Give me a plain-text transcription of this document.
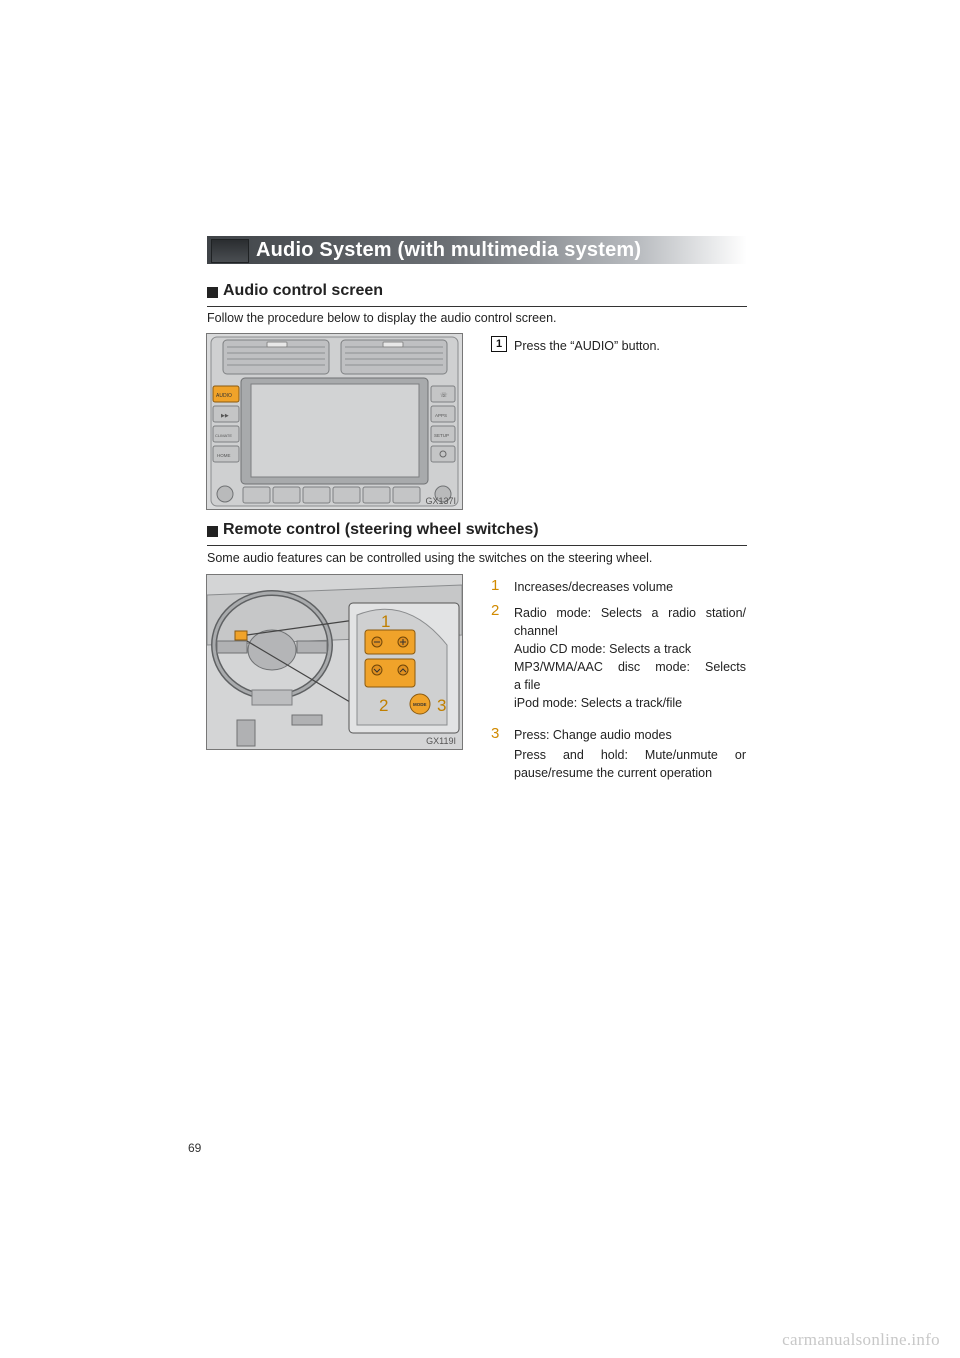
Audio System (with multimedia system)
Audio control screen
Follow the procedure below to display the audio control screen.
AUDIO
▶▶
CLIMATE
HOME
☏
APPS
SETUP
GX137I
1 Press the “AUDIO” button.
Remote control (steering wheel switches)
Some audio features can be controlled using the switches on the steering wheel.
MODE
1
2	3
GX119I
1	Increases/decreases volume
2	Radio mode: Selects a radio station/
channel
Audio CD mode: Selects a track
MP3/WMA/AAC disc mode: Selects
a file
iPod mode: Selects a track/file
3	Press: Change audio modes
Press and hold: Mute/unmute or
pause/resume the current operation
69
carmanualsonline.info
